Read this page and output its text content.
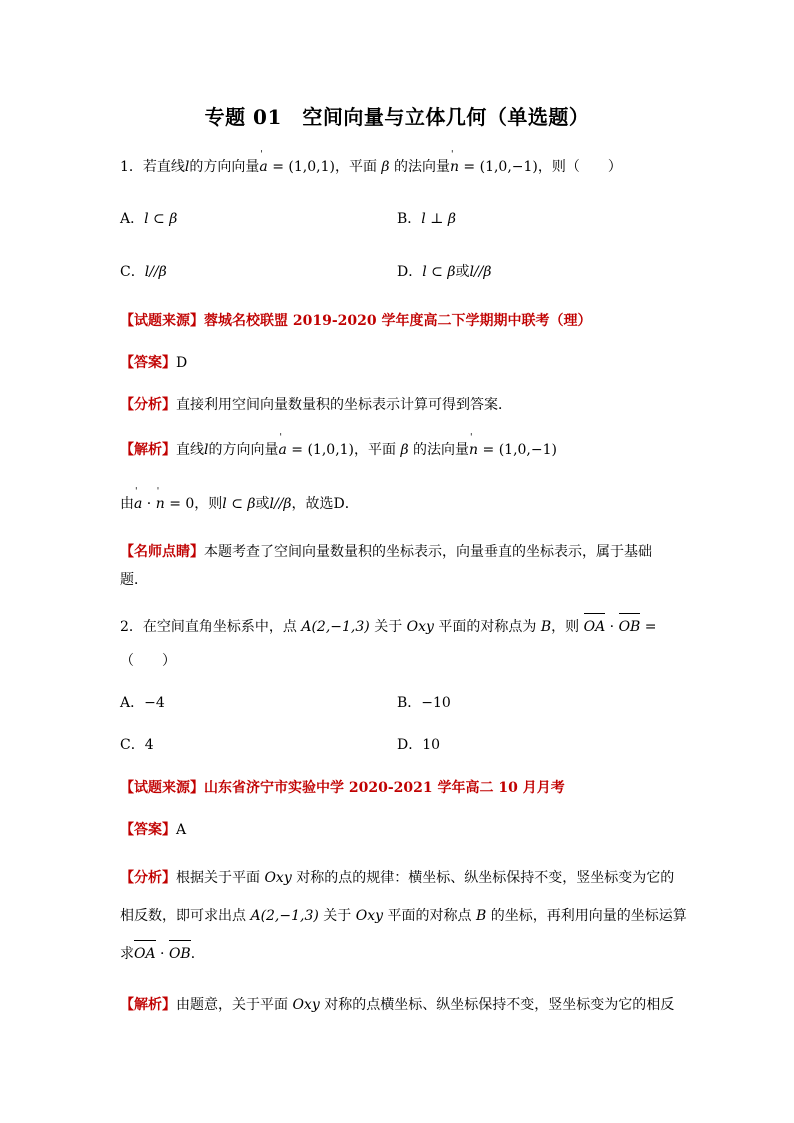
专题 01　空间向量与立体几何（单选题）
1．若直线l的方向向量' a = (1,0,1)，平面 β 的法向量' n = (1,0,−1)，则（　　）
A．l ⊂ β	B．l ⊥ β
C．l//β	D．l ⊂ β或l//β
【试题来源】蓉城名校联盟 2019-2020 学年度高二下学期期中联考（理）
【答案】D
【分析】直接利用空间向量数量积的坐标表示计算可得到答案．
【解析】直线l的方向向量' a = (1,0,1)，平面 β 的法向量' n = (1,0,−1)
由' a · ' n = 0，则l ⊂ β或l//β，故选D．
【名师点睛】本题考查了空间向量数量积的坐标表示，向量垂直的坐标表示，属于基础
题．
2．在空间直角坐标系中，点 A(2,−1,3) 关于 Oxy 平面的对称点为 B，则 OA · OB =
（　　）
A．−4	B．−10
C．4	D．10
【试题来源】山东省济宁市实验中学 2020-2021 学年高二 10 月月考
【答案】A
【分析】根据关于平面 Oxy 对称的点的规律：横坐标、纵坐标保持不变，竖坐标变为它的
相反数，即可求出点 A(2,−1,3) 关于 Oxy 平面的对称点 B 的坐标，再利用向量的坐标运算
求OA · OB．
【解析】由题意，关于平面 Oxy 对称的点横坐标、纵坐标保持不变，竖坐标变为它的相反
